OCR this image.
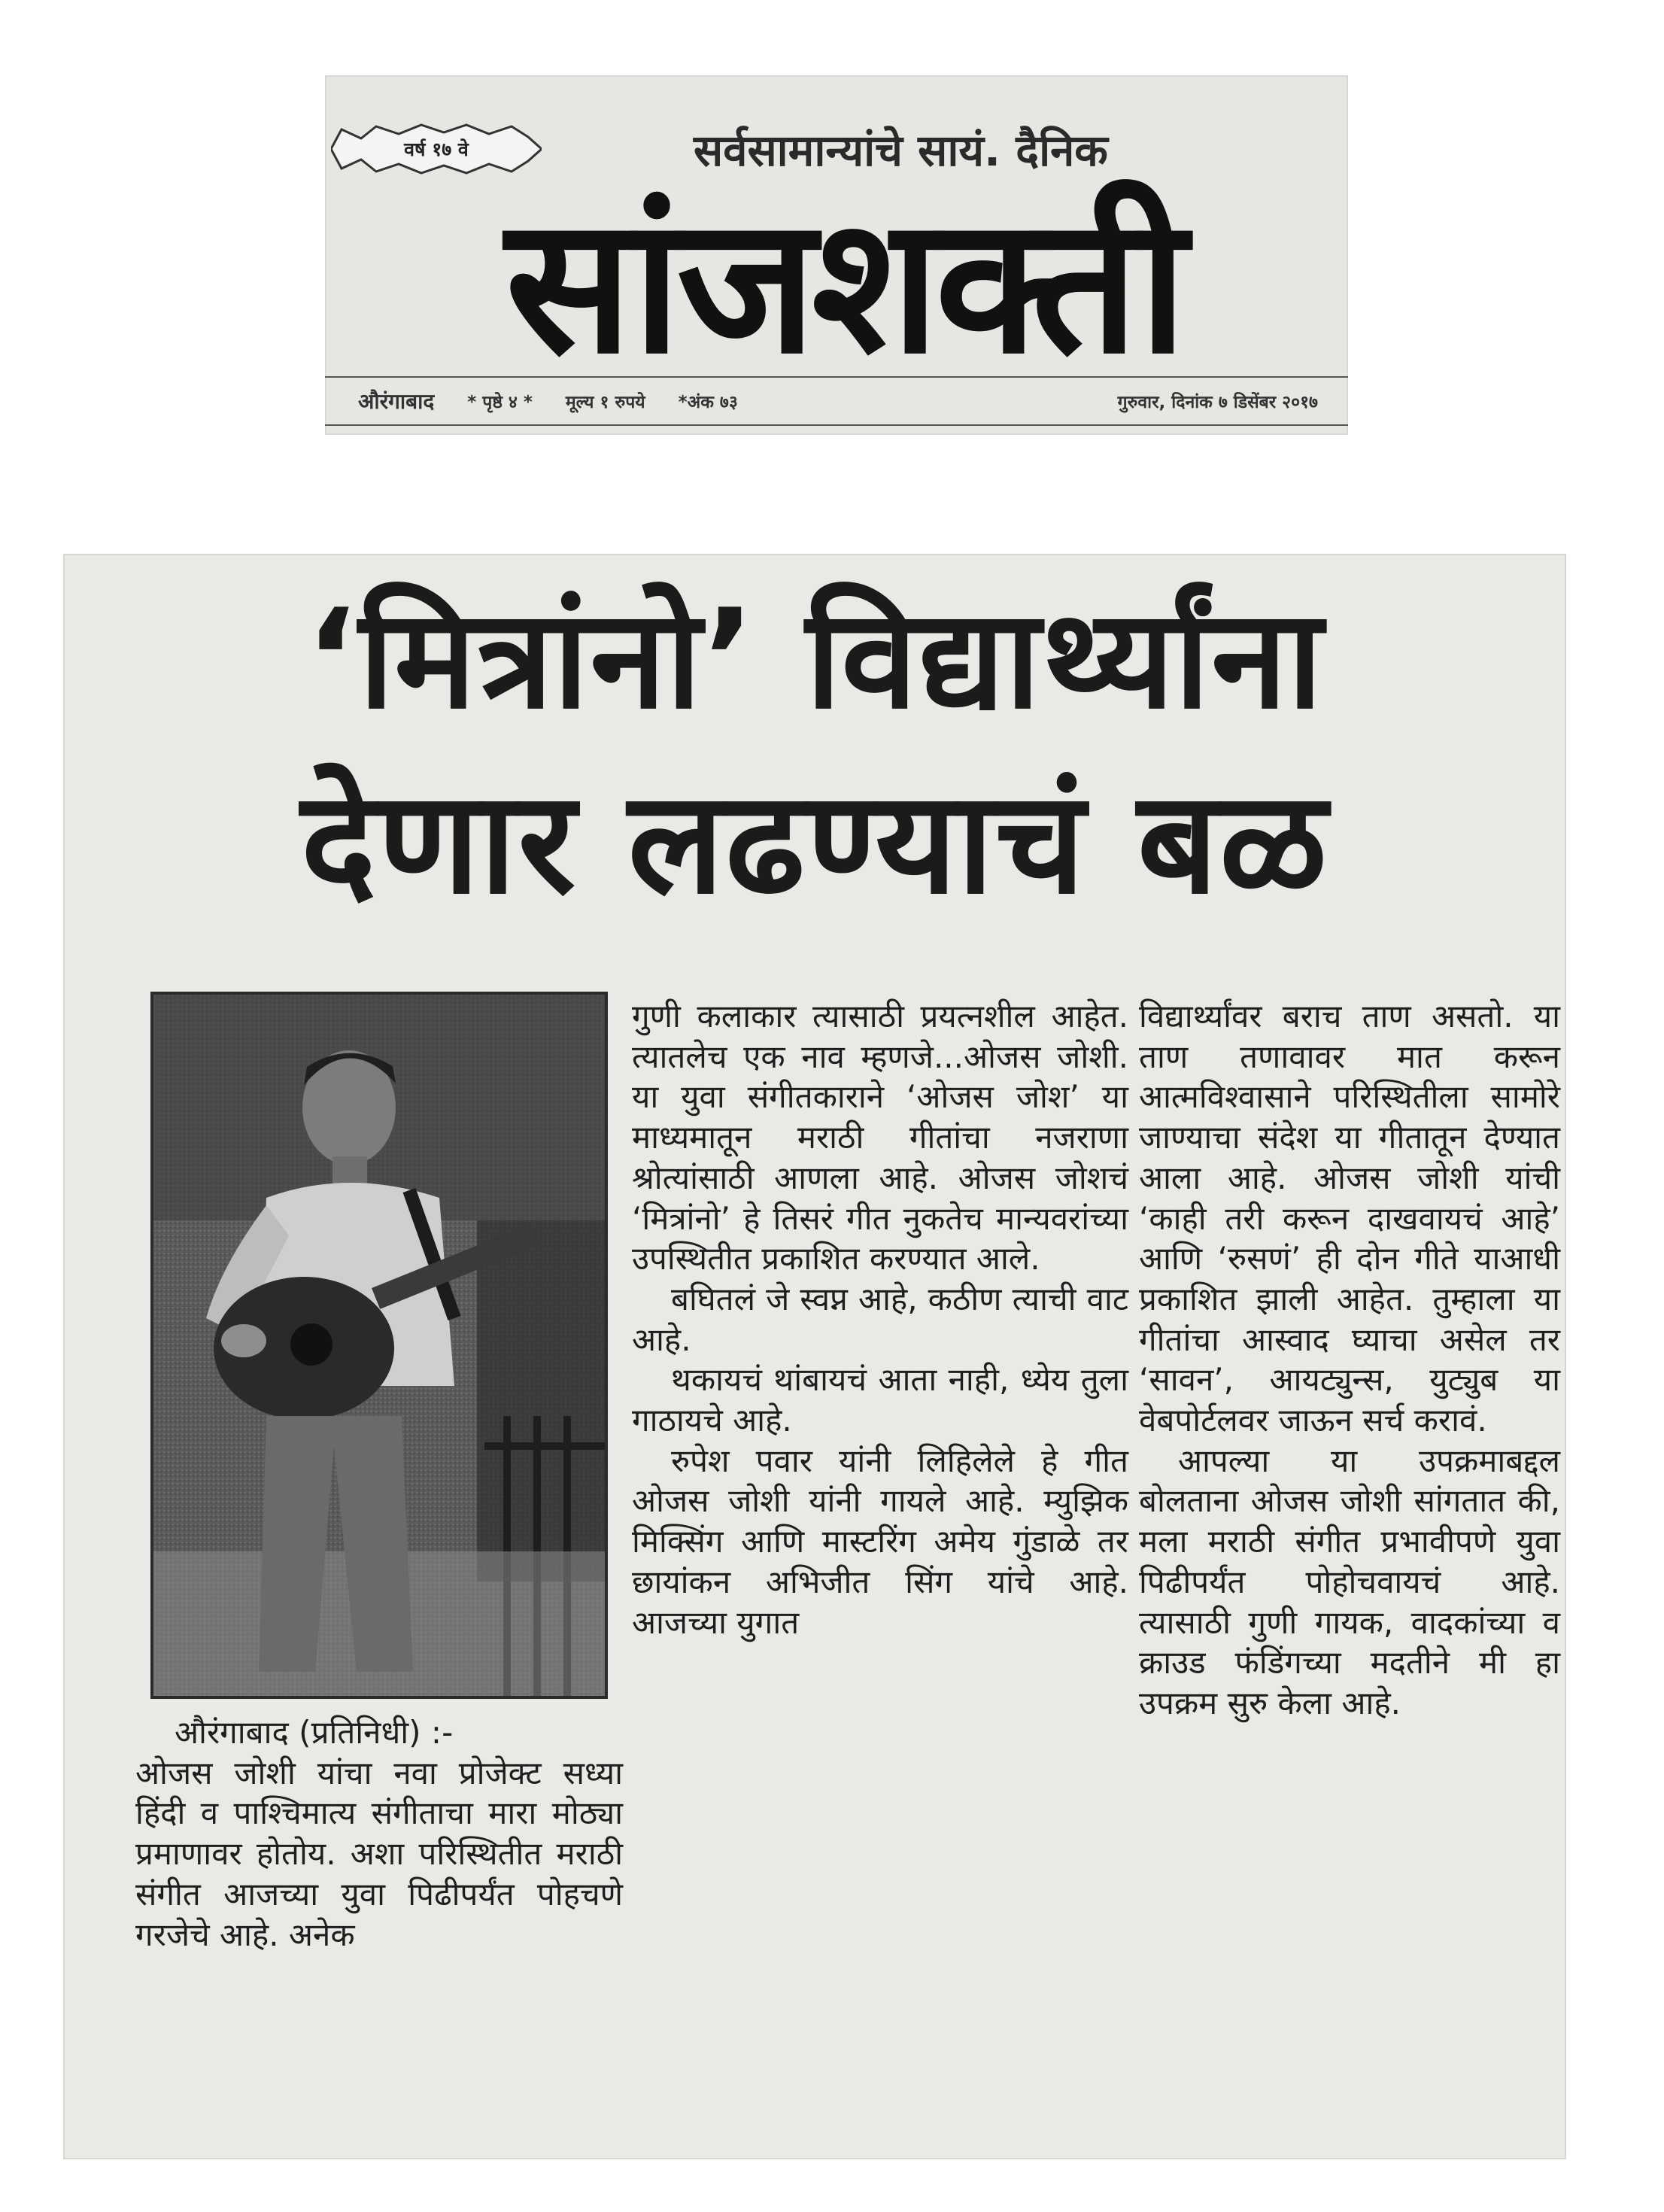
वर्ष १७ वे	सर्वसामान्यांचे सायं. दैनिक
सांजशक्ती
औरंगाबाद * पृष्ठे ४ * मूल्य १ रुपये *अंक ७३	गुरुवार, दिनांक ७ डिसेंबर २०१७
‘मित्रांनो’ विद्यार्थ्यांना
देणार लढण्याचं बळ

औरंगाबाद (प्रतिनिधी) :-

ओजस जोशी यांचा नवा प्रोजेक्ट सध्या हिंदी व पाश्चिमात्य संगीताचा मारा मोठ्या प्रमाणावर होतोय. अशा परिस्थितीत मराठी संगीत आजच्या युवा पिढीपर्यंत पोहचणे गरजेचे आहे. अनेक

गुणी कलाकार त्यासाठी प्रयत्नशील आहेत. त्यातलेच एक नाव म्हणजे...ओजस जोशी. या युवा संगीतकाराने ‘ओजस जोश’ या माध्यमातून मराठी गीतांचा नजराणा श्रोत्यांसाठी आणला आहे. ओजस जोशचं ‘मित्रांनो’ हे तिसरं गीत नुकतेच मान्यवरांच्या उपस्थितीत प्रकाशित करण्यात आले.

बघितलं जे स्वप्न आहे, कठीण त्याची वाट आहे.

थकायचं थांबायचं आता नाही, ध्येय तुला गाठायचे आहे.

रुपेश पवार यांनी लिहिलेले हे गीत ओजस जोशी यांनी गायले आहे. म्युझिक मिक्सिंग आणि मास्टरिंग अमेय गुंडाळे तर छायांकन अभिजीत सिंग यांचे आहे. आजच्या युगात

विद्यार्थ्यांवर बराच ताण असतो. या ताण तणावावर मात करून आत्मविश्वासाने परिस्थितीला सामोरे जाण्याचा संदेश या गीतातून देण्यात आला आहे. ओजस जोशी यांची ‘काही तरी करून दाखवायचं आहे’ आणि ‘रुसणं’ ही दोन गीते याआधी प्रकाशित झाली आहेत. तुम्हाला या गीतांचा आस्वाद घ्याचा असेल तर ‘सावन’, आयट्युन्स, युट्युब या वेबपोर्टलवर जाऊन सर्च करावं.

आपल्या या उपक्रमाबद्दल बोलताना ओजस जोशी सांगतात की, मला मराठी संगीत प्रभावीपणे युवा पिढीपर्यंत पोहोचवायचं आहे. त्यासाठी गुणी गायक, वादकांच्या व क्राउड फंडिंगच्या मदतीने मी हा उपक्रम सुरु केला आहे.
